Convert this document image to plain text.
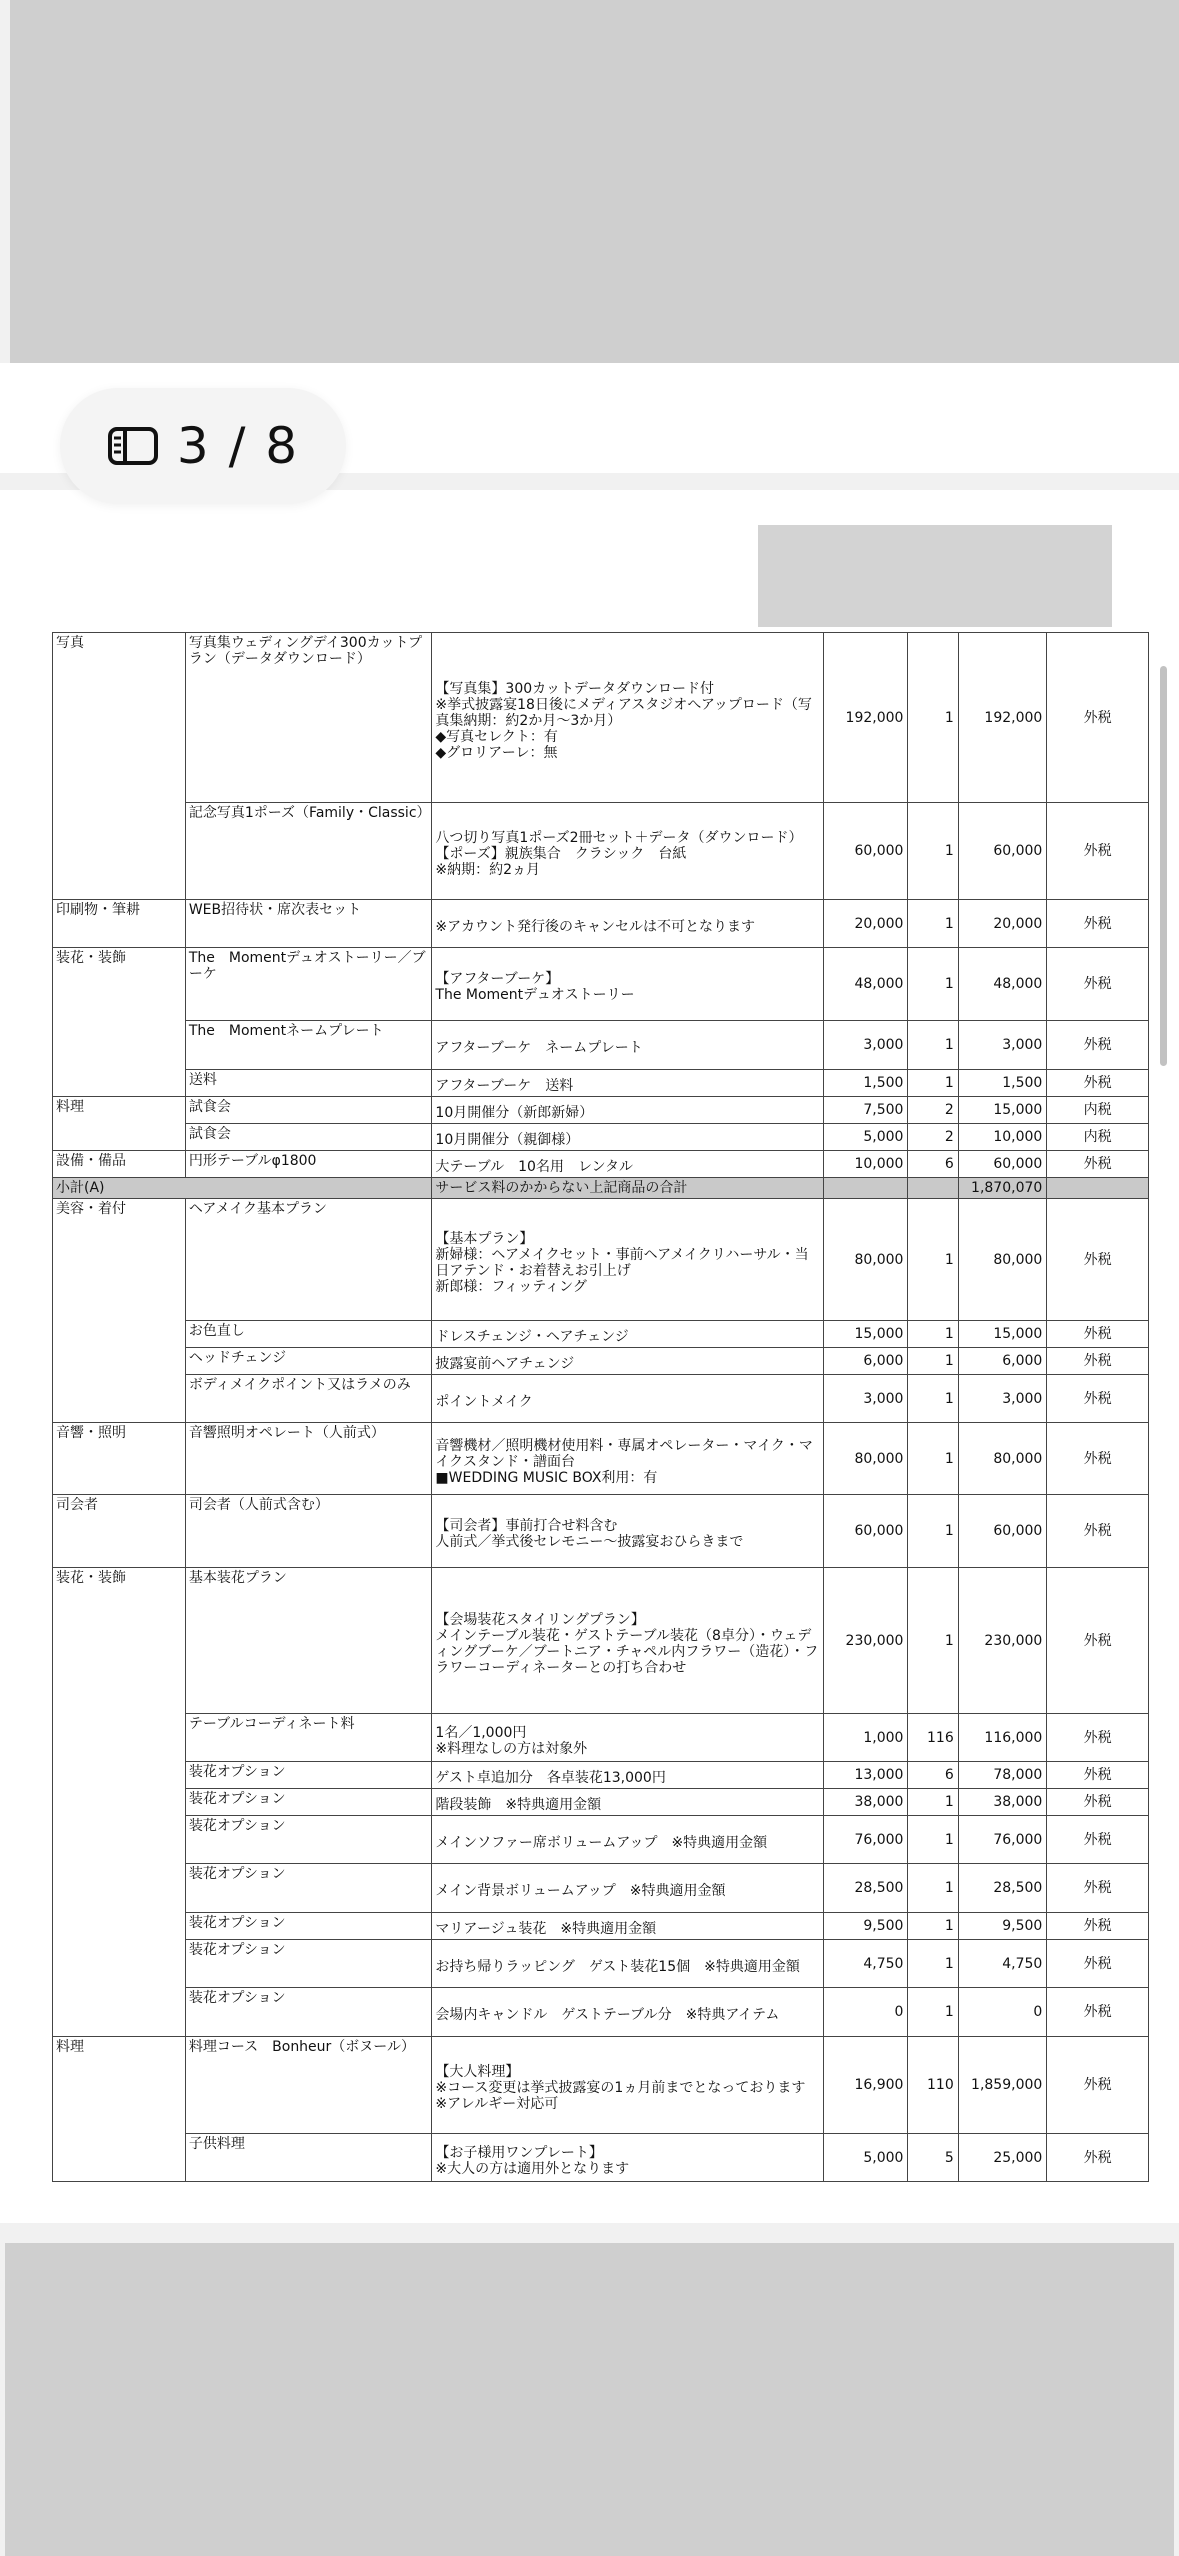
写真	写真集ウェディングデイ300カットプラン（データダウンロード）	【写真集】300カットデータダウンロード付
※挙式披露宴18日後にメディアスタジオへアップロード（写真集納期：約2か月〜3か月）
◆写真セレクト：有
◆グロリアーレ：無	192,000	1	192,000	外税
	記念写真1ポーズ（Family・Classic）	八つ切り写真1ポーズ2冊セット＋データ（ダウンロード）
【ポーズ】親族集合　クラシック　台紙
※納期：約2ヵ月	60,000	1	60,000	外税
印刷物・筆耕	WEB招待状・席次表セット	※アカウント発行後のキャンセルは不可となります	20,000	1	20,000	外税
装花・装飾	The　Momentデュオストーリー／ブーケ	【アフターブーケ】
The Momentデュオストーリー	48,000	1	48,000	外税
	The　Momentネームプレート	アフターブーケ　ネームプレート	3,000	1	3,000	外税
	送料	アフターブーケ　送料	1,500	1	1,500	外税
料理	試食会	10月開催分（新郎新婦）	7,500	2	15,000	内税
	試食会	10月開催分（親御様）	5,000	2	10,000	内税
設備・備品	円形テーブルφ1800	大テーブル　10名用　レンタル	10,000	6	60,000	外税
小計(A)		サービス料のかからない上記商品の合計			1,870,070	
美容・着付	ヘアメイク基本プラン	【基本プラン】
新婦様：ヘアメイクセット・事前ヘアメイクリハーサル・当日アテンド・お着替えお引上げ
新郎様：フィッティング	80,000	1	80,000	外税
	お色直し	ドレスチェンジ・ヘアチェンジ	15,000	1	15,000	外税
	ヘッドチェンジ	披露宴前ヘアチェンジ	6,000	1	6,000	外税
	ボディメイクポイント又はラメのみ	ポイントメイク	3,000	1	3,000	外税
音響・照明	音響照明オペレート（人前式）	音響機材／照明機材使用料・専属オペレーター・マイク・マイクスタンド・譜面台
■WEDDING MUSIC BOX利用：有	80,000	1	80,000	外税
司会者	司会者（人前式含む）	【司会者】事前打合せ料含む
人前式／挙式後セレモニー〜披露宴おひらきまで	60,000	1	60,000	外税
装花・装飾	基本装花プラン	【会場装花スタイリングプラン】
メインテーブル装花・ゲストテーブル装花（8卓分）・ウェディングブーケ／ブートニア・チャペル内フラワー（造花）・フラワーコーディネーターとの打ち合わせ	230,000	1	230,000	外税
	テーブルコーディネート料	1名／1,000円
※料理なしの方は対象外	1,000	116	116,000	外税
	装花オプション	ゲスト卓追加分　各卓装花13,000円	13,000	6	78,000	外税
	装花オプション	階段装飾　※特典適用金額	38,000	1	38,000	外税
	装花オプション	メインソファー席ボリュームアップ　※特典適用金額	76,000	1	76,000	外税
	装花オプション	メイン背景ボリュームアップ　※特典適用金額	28,500	1	28,500	外税
	装花オプション	マリアージュ装花　※特典適用金額	9,500	1	9,500	外税
	装花オプション	お持ち帰りラッピング　ゲスト装花15個　※特典適用金額	4,750	1	4,750	外税
	装花オプション	会場内キャンドル　ゲストテーブル分　※特典アイテム	0	1	0	外税
料理	料理コース　Bonheur（ボヌール）	【大人料理】
※コース変更は挙式披露宴の1ヵ月前までとなっております
※アレルギー対応可	16,900	110	1,859,000	外税
	子供料理	【お子様用ワンプレート】
※大人の方は適用外となります	5,000	5	25,000	外税
3 / 8
